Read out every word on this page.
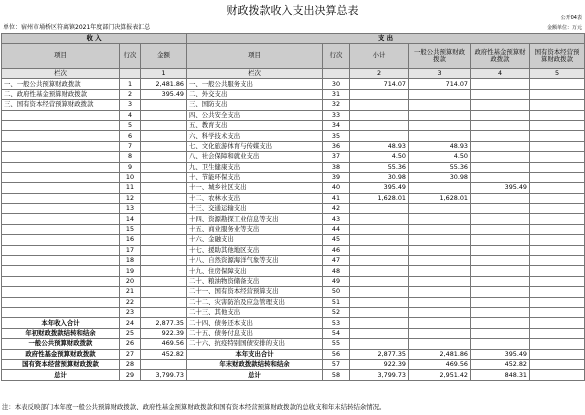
财政拨款收入支出决算总表
公开04表
单位：宿州市埇桥区符离镇2021年度部门决算报表汇总	金额单位：万元
收 入			支 出					
项目	行次	金额	项目	行次	小计	一般公共预算财政拨款	政府性基金预算财政拨款	国有资本经营预算财政拨款
栏次		1	栏次		2	3	4	5
一、一般公共预算财政拨款	1	2,481.86	一、一般公共服务支出	30	714.07	714.07		
二、政府性基金预算财政拨款	2	395.49	二、外交支出	31				
三、国有资本经营预算财政拨款	3		三、国防支出	32				
	4		四、公共安全支出	33				
	5		五、教育支出	34				
	6		六、科学技术支出	35				
	7		七、文化旅游体育与传媒支出	36	48.93	48.93		
	8		八、社会保障和就业支出	37	4.50	4.50		
	9		九、卫生健康支出	38	55.36	55.36		
	10		十、节能环保支出	39	30.98	30.98		
	11		十一、城乡社区支出	40	395.49		395.49	
	12		十二、农林水支出	41	1,628.01	1,628.01		
	13		十三、交通运输支出	42				
	14		十四、资源勘探工业信息等支出	43				
	15		十五、商业服务业等支出	44				
	16		十六、金融支出	45				
	17		十七、援助其他地区支出	46				
	18		十八、自然资源海洋气象等支出	47				
	19		十九、住房保障支出	48				
	20		二十、粮油物资储备支出	49				
	21		二十一、国有资本经营预算支出	50				
	22		二十二、灾害防治及应急管理支出	51				
	23		二十三、其他支出	52				
本年收入合计	24	2,877.35	二十四、债务还本支出	53				
年初财政拨款结转和结余	25	922.39	二十五、债务付息支出	54				
一般公共预算财政拨款	26	469.56	二十六、抗疫特别国债安排的支出	55				
政府性基金预算财政拨款	27	452.82	本年支出合计	56	2,877.35	2,481.86	395.49	
国有资本经营预算财政拨款	28		年末财政拨款结转和结余	57	922.39	469.56	452.82	
总计	29	3,799.73	总计	58	3,799.73	2,951.42	848.31	
注：本表反映部门本年度一般公共预算财政拨款、政府性基金预算财政拨款和国有资本经营预算财政拨款的总收支和年末结转结余情况。
